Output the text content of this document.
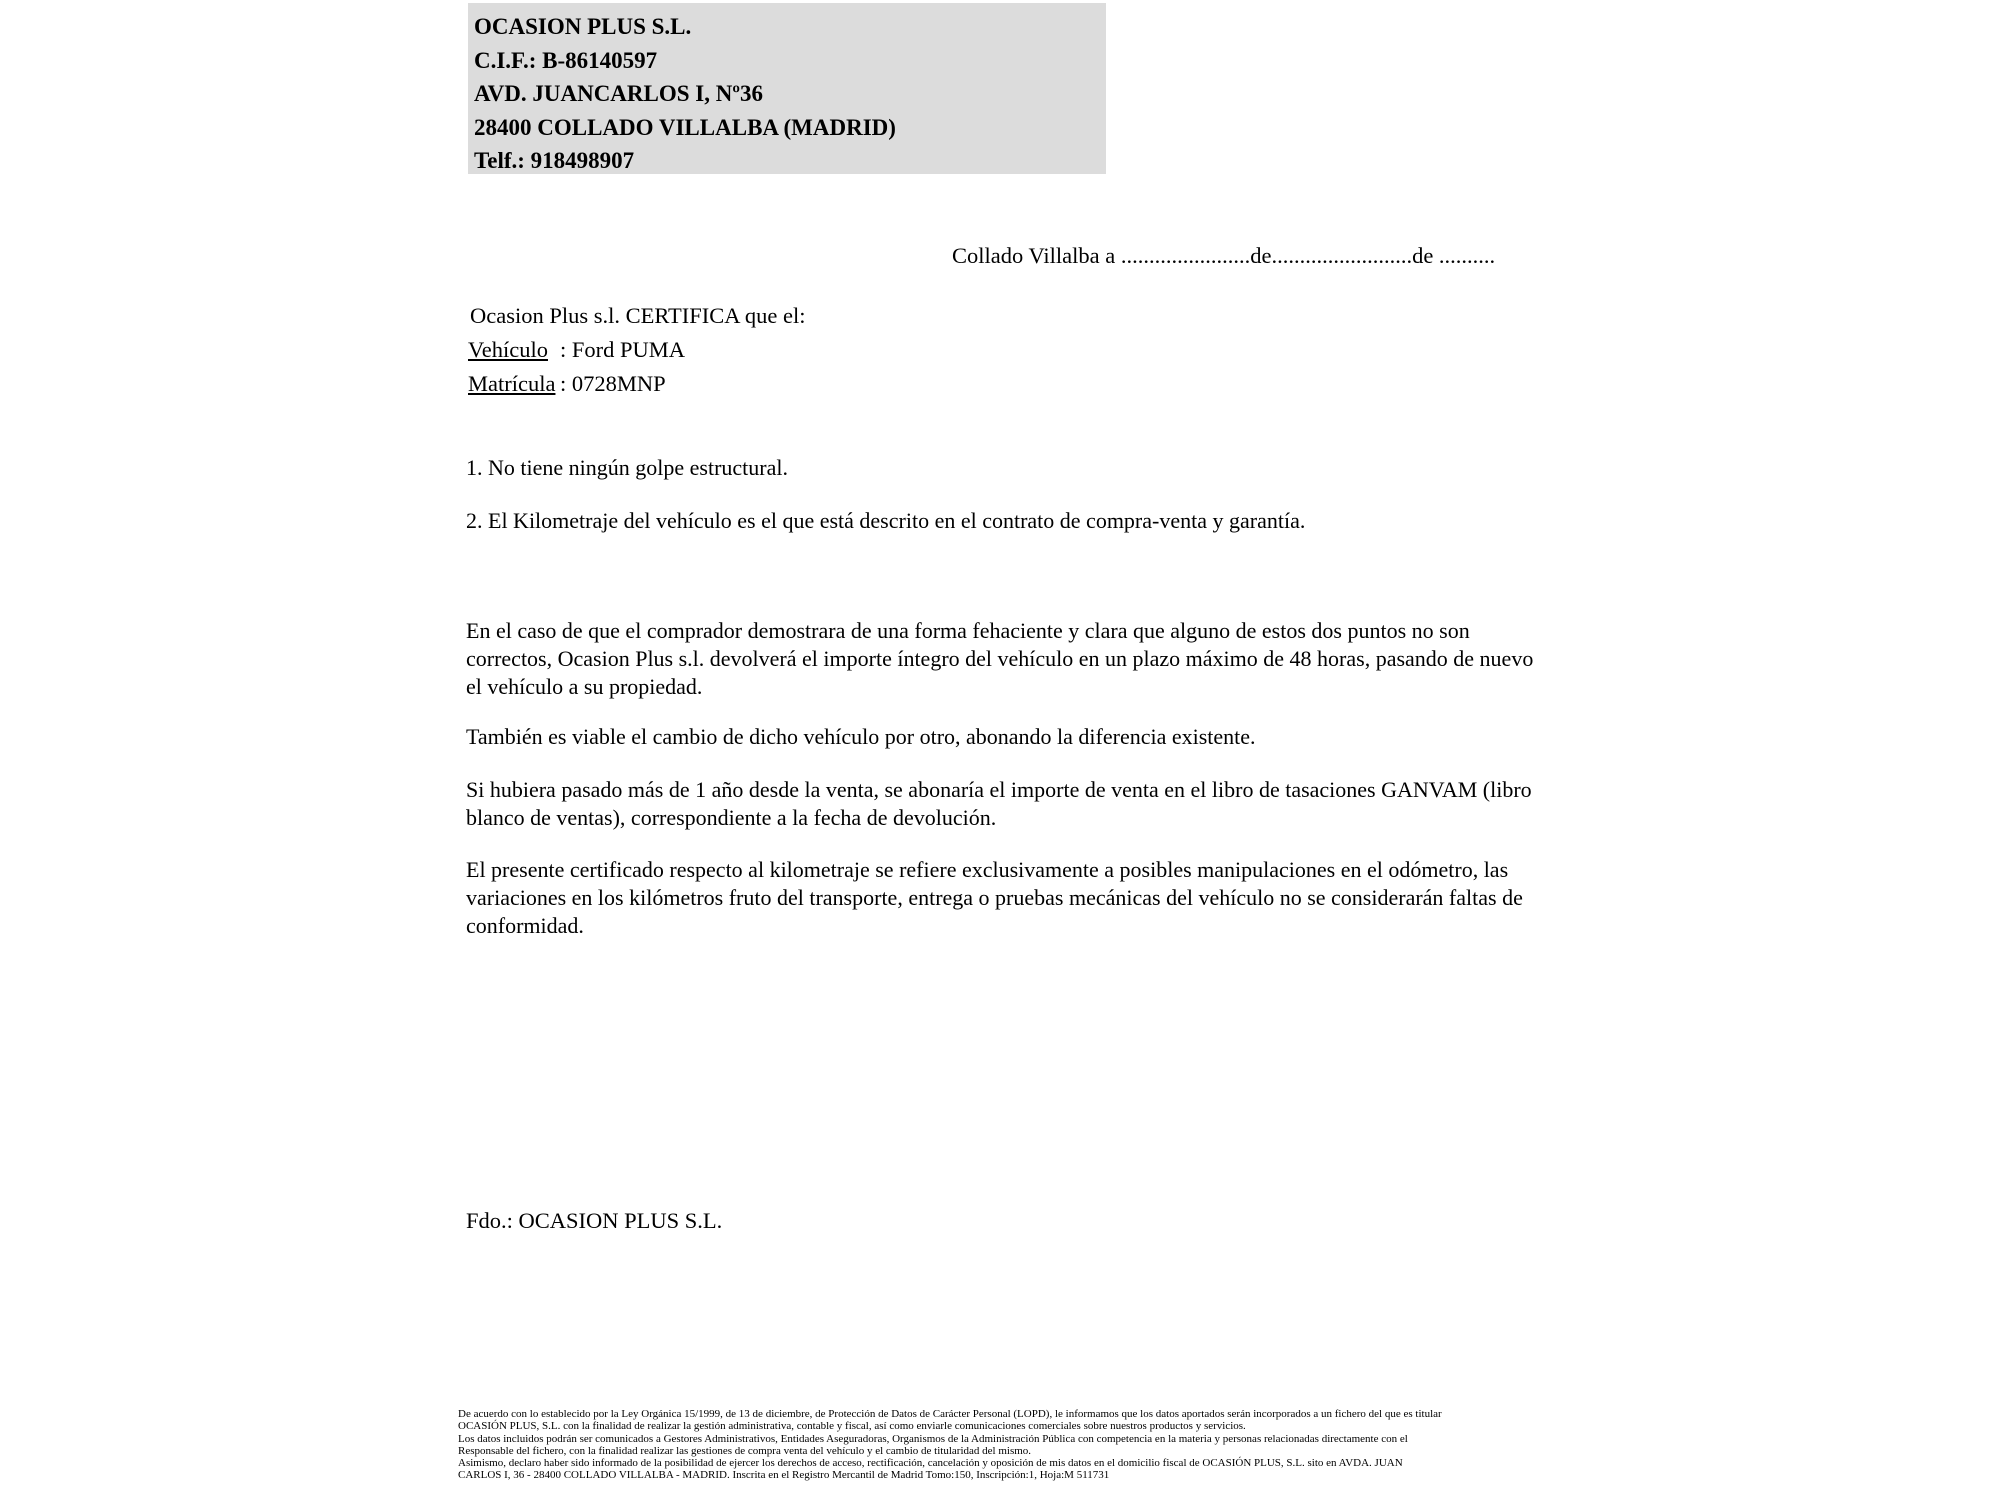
OCASION PLUS S.L.
C.I.F.: B-86140597
AVD. JUANCARLOS I, Nº36
28400 COLLADO VILLALBA (MADRID)
Telf.: 918498907
Collado Villalba a .......................de.........................de ..........
Ocasion Plus s.l. CERTIFICA que el:
Vehículo : Ford PUMA
Matrícula : 0728MNP
1. No tiene ningún golpe estructural.
2. El Kilometraje del vehículo es el que está descrito en el contrato de compra-venta y garantía.
En el caso de que el comprador demostrara de una forma fehaciente y clara que alguno de estos dos puntos no son correctos, Ocasion Plus s.l. devolverá el importe íntegro del vehículo en un plazo máximo de 48 horas, pasando de nuevo el vehículo a su propiedad.
También es viable el cambio de dicho vehículo por otro, abonando la diferencia existente.
Si hubiera pasado más de 1 año desde la venta, se abonaría el importe de venta en el libro de tasaciones GANVAM (libro blanco de ventas), correspondiente a la fecha de devolución.
El presente certificado respecto al kilometraje se refiere exclusivamente a posibles manipulaciones en el odómetro, las variaciones en los kilómetros fruto del transporte, entrega o pruebas mecánicas del vehículo no se considerarán faltas de conformidad.
Fdo.: OCASION PLUS S.L.
De acuerdo con lo establecido por la Ley Orgánica 15/1999, de 13 de diciembre, de Protección de Datos de Carácter Personal (LOPD), le informamos que los datos aportados serán incorporados a un fichero del que es titular
OCASIÓN PLUS, S.L. con la finalidad de realizar la gestión administrativa, contable y fiscal, así como enviarle comunicaciones comerciales sobre nuestros productos y servicios.
Los datos incluidos podrán ser comunicados a Gestores Administrativos, Entidades Aseguradoras, Organismos de la Administración Pública con competencia en la materia y personas relacionadas directamente con el
Responsable del fichero, con la finalidad realizar las gestiones de compra venta del vehículo y el cambio de titularidad del mismo.
Asimismo, declaro haber sido informado de la posibilidad de ejercer los derechos de acceso, rectificación, cancelación y oposición de mis datos en el domicilio fiscal de OCASIÓN PLUS, S.L. sito en AVDA. JUAN
CARLOS I, 36 - 28400 COLLADO VILLALBA - MADRID. Inscrita en el Registro Mercantil de Madrid Tomo:150, Inscripción:1, Hoja:M 511731
